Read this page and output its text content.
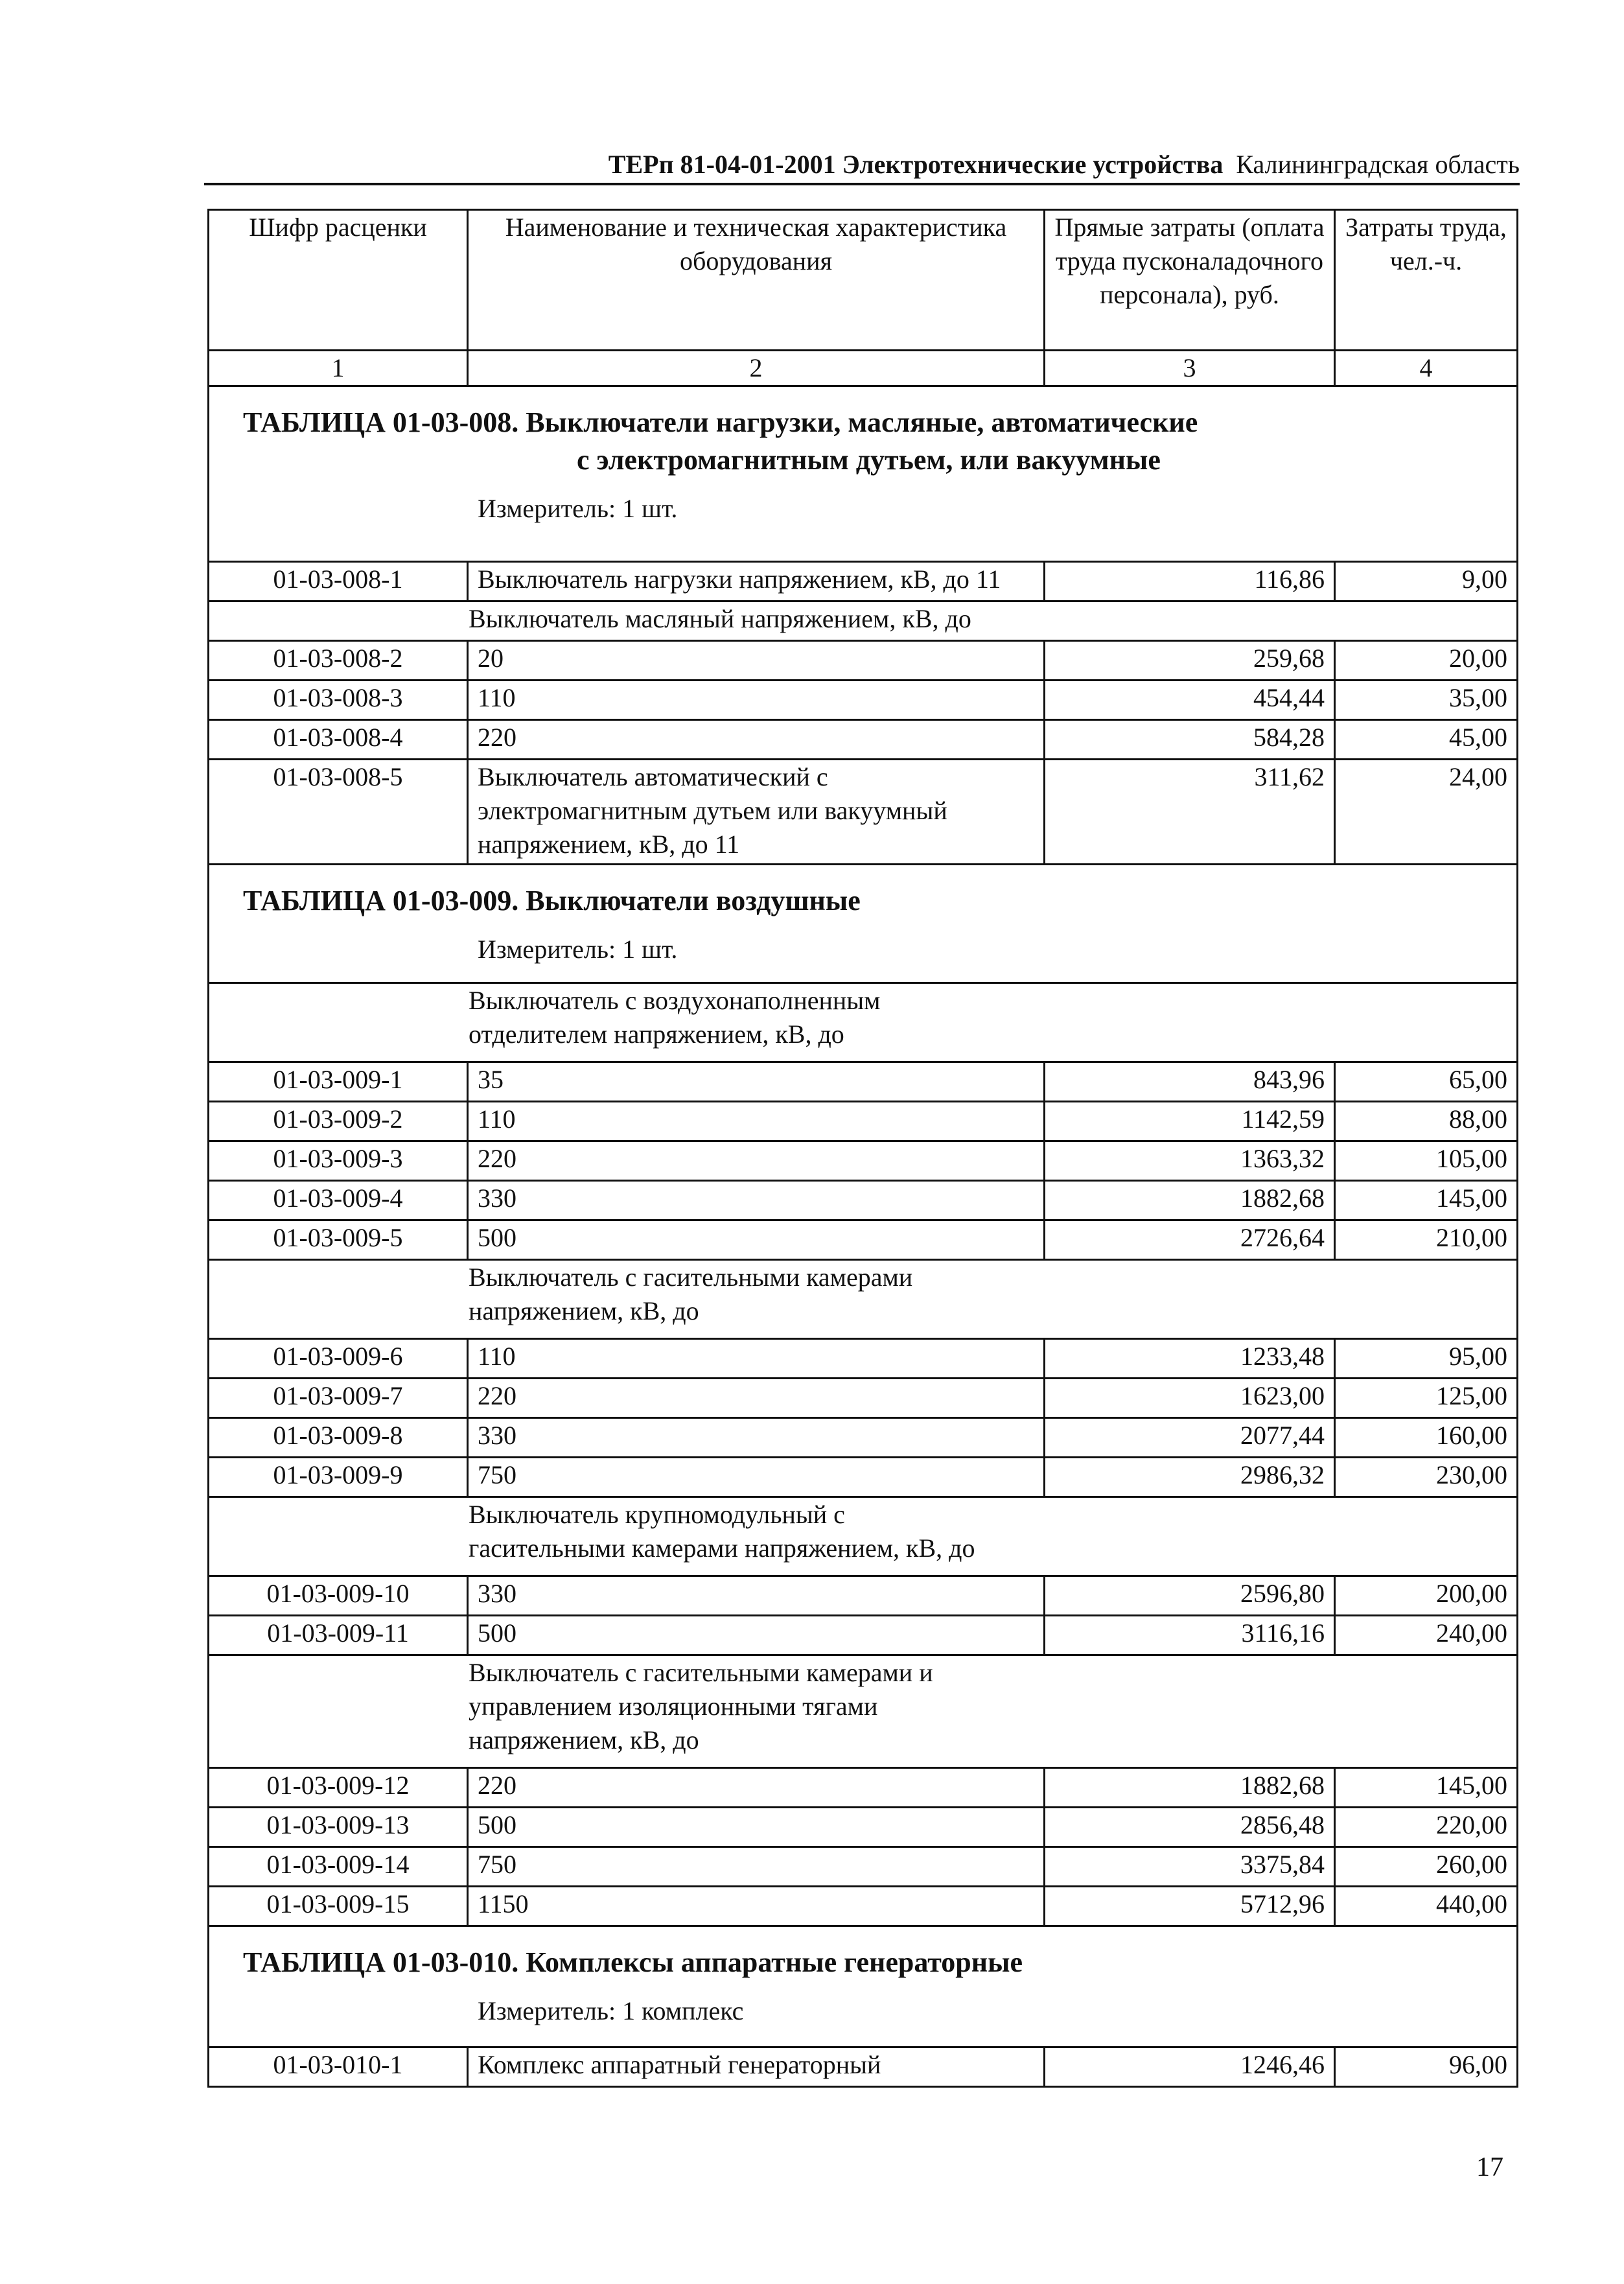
ТЕРп 81-04-01-2001 Электротехнические устройства Калининградская область
Шифр расценки	Наименование и техническая характеристика оборудования	Прямые затраты (оплата труда пусконаладочного персонала), руб.	Затраты труда, чел.-ч.
1	2	3	4

ТАБЛИЦА 01-03-008. Выключатели нагрузки, масляные, автоматические
с электромагнитным дутьем, или вакуумные
Измеритель: 1 шт.			

01-03-008-1	Выключатель нагрузки напряжением, кВ, до 11	116,86	9,00
Выключатель масляный напряжением, кВ, до			
01-03-008-2	20	259,68	20,00
01-03-008-3	110	454,44	35,00
01-03-008-4	220	584,28	45,00
01-03-008-5	Выключатель автоматический с
электромагнитным дутьем или вакуумный
напряжением, кВ, до 11	311,62	24,00

ТАБЛИЦА 01-03-009. Выключатели воздушные
Измеритель: 1 шт.			

Выключатель с воздухонаполненным
отделителем напряжением, кВ, до			

01-03-009-1	35	843,96	65,00
01-03-009-2	110	1142,59	88,00
01-03-009-3	220	1363,32	105,00
01-03-009-4	330	1882,68	145,00
01-03-009-5	500	2726,64	210,00

Выключатель с гасительными камерами
напряжением, кВ, до			

01-03-009-6	110	1233,48	95,00
01-03-009-7	220	1623,00	125,00
01-03-009-8	330	2077,44	160,00
01-03-009-9	750	2986,32	230,00

Выключатель крупномодульный с
гасительными камерами напряжением, кВ, до			

01-03-009-10	330	2596,80	200,00
01-03-009-11	500	3116,16	240,00

Выключатель с гасительными камерами и
управлением изоляционными тягами
напряжением, кВ, до			

01-03-009-12	220	1882,68	145,00
01-03-009-13	500	2856,48	220,00
01-03-009-14	750	3375,84	260,00
01-03-009-15	1150	5712,96	440,00

ТАБЛИЦА 01-03-010. Комплексы аппаратные генераторные
Измеритель: 1 комплекс			

01-03-010-1	Комплекс аппаратный генераторный	1246,46	96,00
17
